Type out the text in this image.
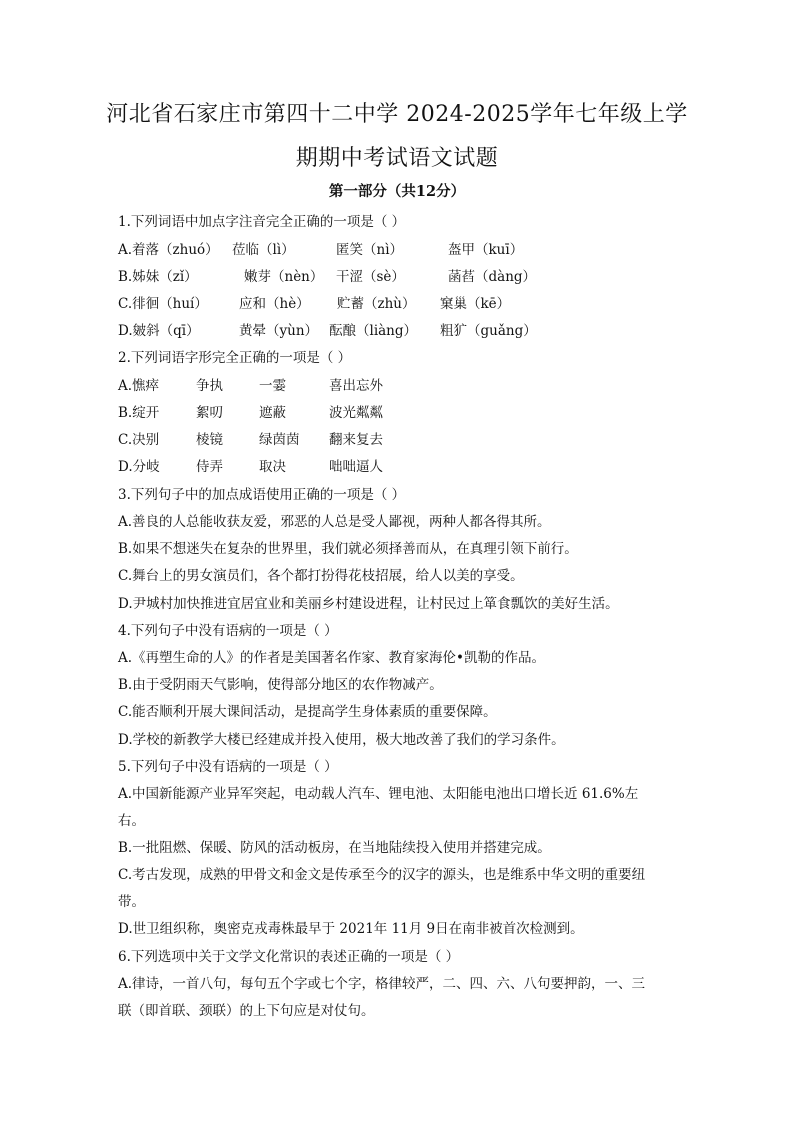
河北省石家庄市第四十二中学 2024-2025学年七年级上学
期期中考试语文试题
第一部分（共12分）
1.下列词语中加点字注音完全正确的一项是（ ）
A.着落（zhuó） 莅临（lì）	匿笑（nì）	盔甲（kuī）
B.姊妹（zǐ）	嫩芽（nèn） 干涩（sè）	菡萏（dàng）
C.徘徊（huí） 应和（hè） 贮蓄（zhù） 窠巢（kē）
D.皴斜（qī）	黄晕（yùn） 酝酿（liàng） 粗犷（guǎng）
2.下列词语字形完全正确的一项是（ ）
A.憔瘁	争执	一霎	喜出忘外
B.绽开	絮叨	遮蔽	波光粼粼
C.决别	棱镜	绿茵茵 翻来复去
D.分岐	侍弄	取决	咄咄逼人
3.下列句子中的加点成语使用正确的一项是（ ）
A.善良的人总能收获友爱，邪恶的人总是受人鄙视，两种人都各得其所。
B.如果不想迷失在复杂的世界里，我们就必须择善而从，在真理引领下前行。
C.舞台上的男女演员们，各个都打扮得花枝招展，给人以美的享受。
D.尹城村加快推进宜居宜业和美丽乡村建设进程，让村民过上箪食瓢饮的美好生活。
4.下列句子中没有语病的一项是（ ）
A.《再塑生命的人》的作者是美国著名作家、教育家海伦•凯勒的作品。
B.由于受阴雨天气影响，使得部分地区的农作物减产。
C.能否顺利开展大课间活动，是提高学生身体素质的重要保障。
D.学校的新教学大楼已经建成并投入使用，极大地改善了我们的学习条件。
5.下列句子中没有语病的一项是（ ）
A.中国新能源产业异军突起，电动载人汽车、锂电池、太阳能电池出口增长近 61.6%左
右。
B.一批阻燃、保暖、防风的活动板房，在当地陆续投入使用并搭建完成。
C.考古发现，成熟的甲骨文和金文是传承至今的汉字的源头，也是维系中华文明的重要纽
带。
D.世卫组织称，奥密克戎毒株最早于 2021年 11月 9日在南非被首次检测到。
6.下列选项中关于文学文化常识的表述正确的一项是（ ）
A.律诗，一首八句，每句五个字或七个字，格律较严，二、四、六、八句要押韵，一、三
联（即首联、颈联）的上下句应是对仗句。
